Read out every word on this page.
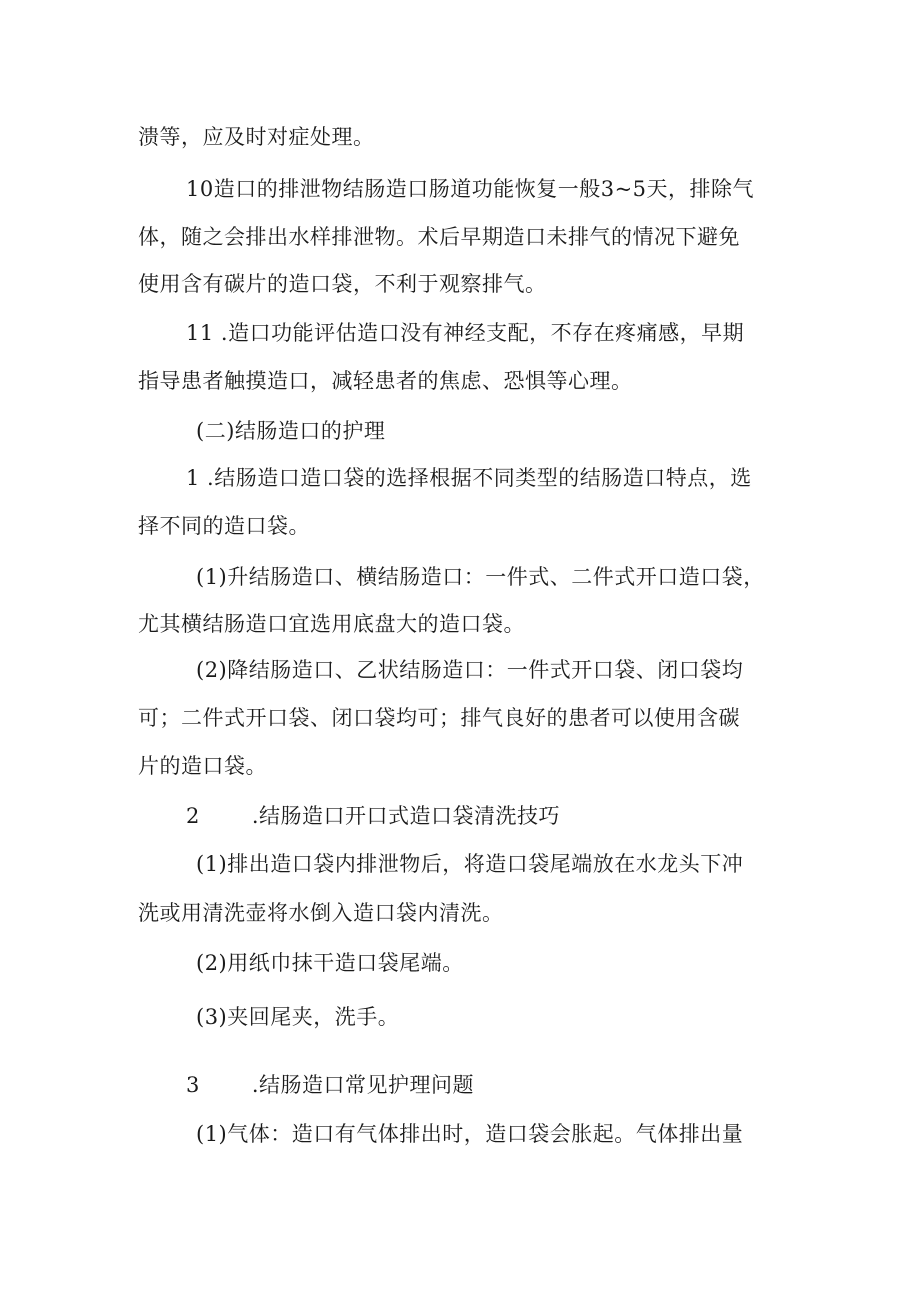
溃等，应及时对症处理。
10造口的排泄物结肠造口肠道功能恢复一般3~5天，排除气
体，随之会排出水样排泄物。术后早期造口未排气的情况下避免
使用含有碳片的造口袋，不利于观察排气。
11 .造口功能评估造口没有神经支配，不存在疼痛感，早期
指导患者触摸造口，减轻患者的焦虑、恐惧等心理。
(二)结肠造口的护理
1 .结肠造口造口袋的选择根据不同类型的结肠造口特点，选
择不同的造口袋。
(1)升结肠造口、横结肠造口：一件式、二件式开口造口袋，
尤其横结肠造口宜选用底盘大的造口袋。
(2)降结肠造口、乙状结肠造口：一件式开口袋、闭口袋均
可；二件式开口袋、闭口袋均可；排气良好的患者可以使用含碳
片的造口袋。
2 .结肠造口开口式造口袋清洗技巧
(1)排出造口袋内排泄物后，将造口袋尾端放在水龙头下冲
洗或用清洗壶将水倒入造口袋内清洗。
(2)用纸巾抹干造口袋尾端。
(3)夹回尾夹，洗手。
3 .结肠造口常见护理问题
(1)气体：造口有气体排出时，造口袋会胀起。气体排出量
